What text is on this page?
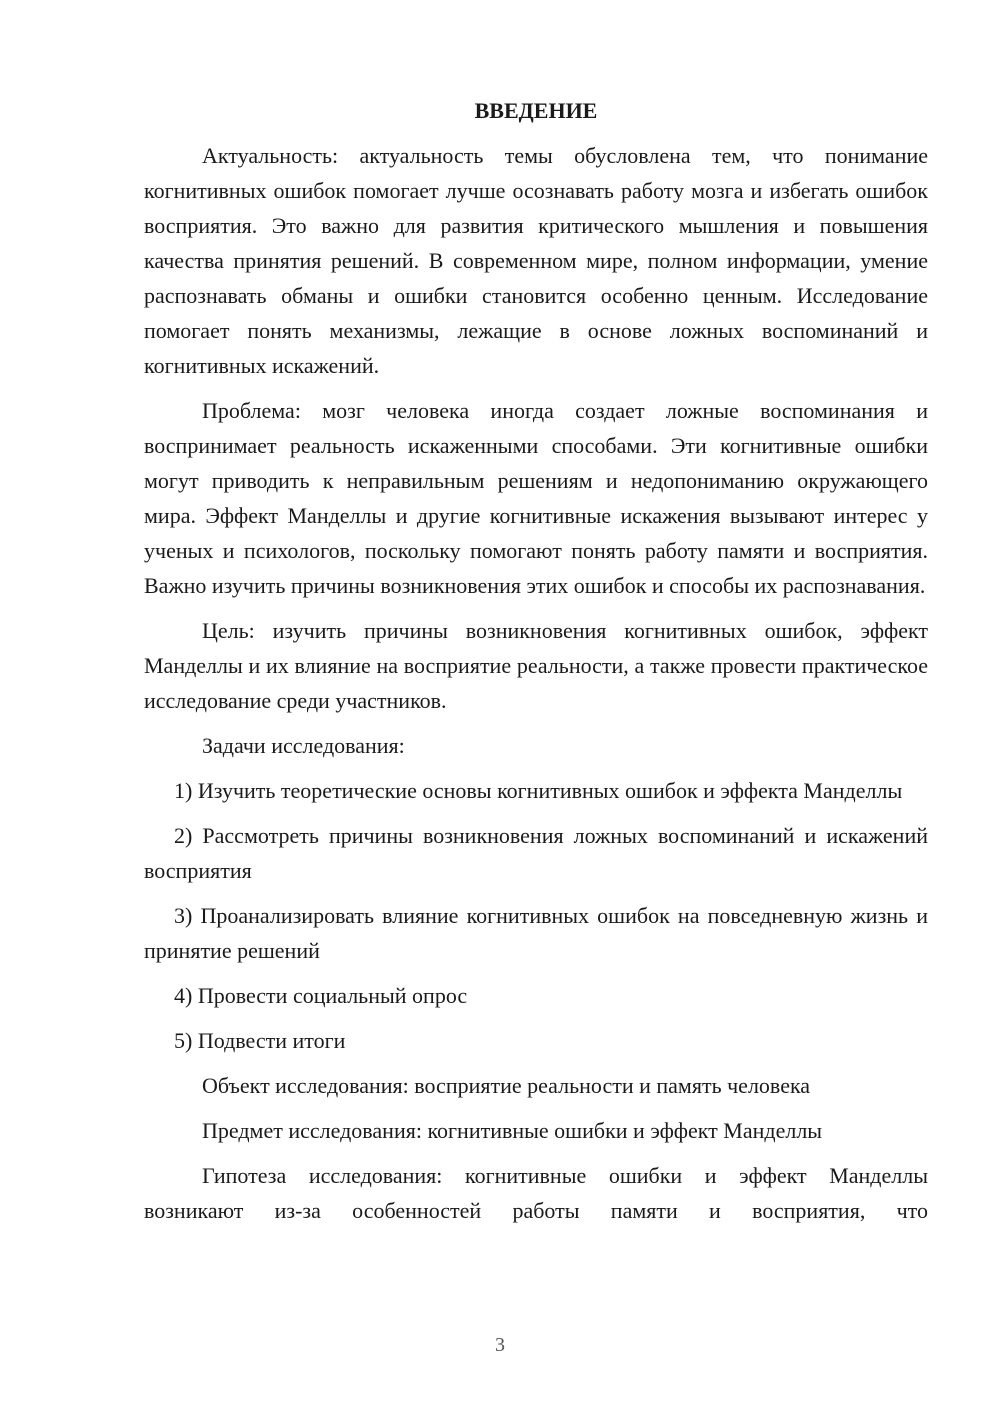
ВВЕДЕНИЕ

Актуальность: актуальность темы обусловлена тем, что понимание когнитивных ошибок помогает лучше осознавать работу мозга и избегать ошибок восприятия. Это важно для развития критического мышления и повышения качества принятия решений. В современном мире, полном информации, умение распознавать обманы и ошибки становится особенно ценным. Исследование помогает понять механизмы, лежащие в основе ложных воспоминаний и когнитивных искажений.

Проблема: мозг человека иногда создает ложные воспоминания и воспринимает реальность искаженными способами. Эти когнитивные ошибки могут приводить к неправильным решениям и недопониманию окружающего мира. Эффект Манделлы и другие когнитивные искажения вызывают интерес у ученых и психологов, поскольку помогают понять работу памяти и восприятия. Важно изучить причины возникновения этих ошибок и способы их распознавания.

Цель: изучить причины возникновения когнитивных ошибок, эффект Манделлы и их влияние на восприятие реальности, а также провести практическое исследование среди участников.

Задачи исследования:

1) Изучить теоретические основы когнитивных ошибок и эффекта Манделлы

2) Рассмотреть причины возникновения ложных воспоминаний и искажений восприятия

3) Проанализировать влияние когнитивных ошибок на повседневную жизнь и принятие решений

4) Провести социальный опрос

5) Подвести итоги

Объект исследования: восприятие реальности и память человека

Предмет исследования: когнитивные ошибки и эффект Манделлы

Гипотеза исследования: когнитивные ошибки и эффект Манделлы возникают из-за особенностей работы памяти и восприятия, что

3
